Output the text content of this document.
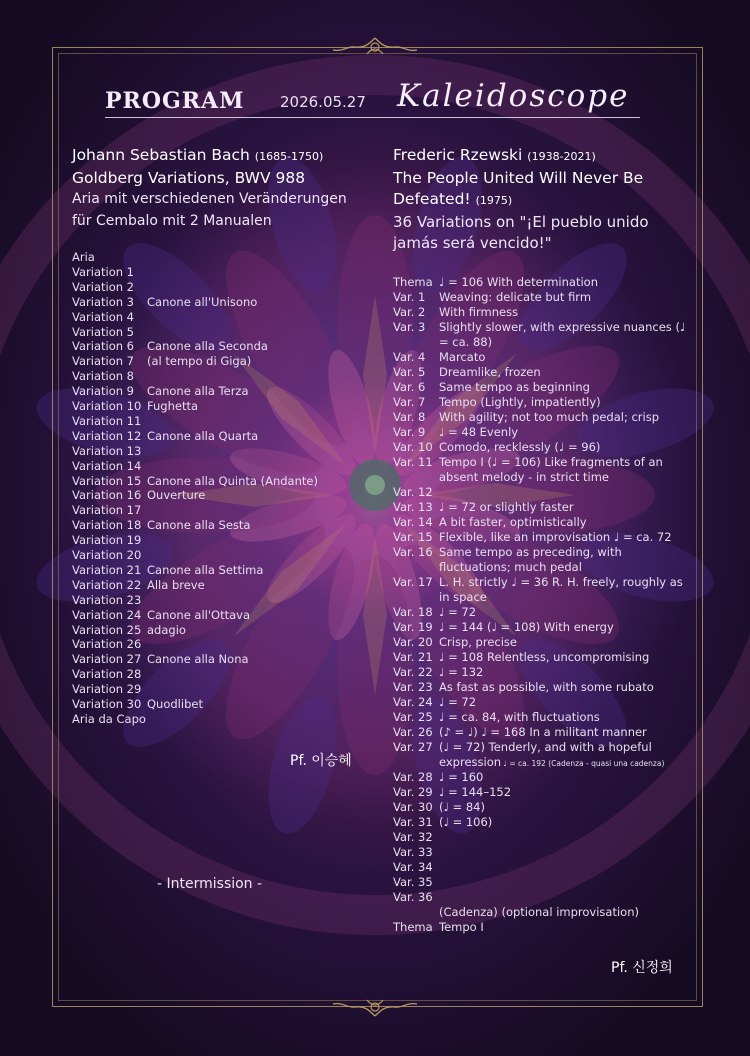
PROGRAM 2026.05.27 Kaleidoscope
Johann Sebastian Bach (1685-1750)
Goldberg Variations, BWV 988
Aria mit verschiedenen Veränderungen
für Cembalo mit 2 Manualen
Aria
Variation 1
Variation 2
Variation 3 Canone all'Unisono
Variation 4
Variation 5
Variation 6 Canone alla Seconda
Variation 7 (al tempo di Giga)
Variation 8
Variation 9 Canone alla Terza
Variation 10 Fughetta
Variation 11
Variation 12 Canone alla Quarta
Variation 13
Variation 14
Variation 15 Canone alla Quinta (Andante)
Variation 16 Ouverture
Variation 17
Variation 18 Canone alla Sesta
Variation 19
Variation 20
Variation 21 Canone alla Settima
Variation 22 Alla breve
Variation 23
Variation 24 Canone all'Ottava
Variation 25 adagio
Variation 26
Variation 27 Canone alla Nona
Variation 28
Variation 29
Variation 30 Quodlibet
Aria da Capo
Pf. 이승혜
- Intermission -
Frederic Rzewski (1938-2021)
The People United Will Never Be
Defeated! (1975)
36 Variations on "¡El pueblo unido
jamás será vencido!"
Thema ♩ = 106 With determination
Var. 1 Weaving: delicate but firm
Var. 2 With firmness
Var. 3 Slightly slower, with expressive nuances (♩ = ca. 88)
Var. 4 Marcato
Var. 5 Dreamlike, frozen
Var. 6 Same tempo as beginning
Var. 7 Tempo (Lightly, impatiently)
Var. 8 With agility; not too much pedal; crisp
Var. 9 ♩ = 48 Evenly
Var. 10 Comodo, recklessly (♩ = 96)
Var. 11 Tempo I (♩ = 106) Like fragments of an absent melody - in strict time
Var. 12
Var. 13 ♩ = 72 or slightly faster
Var. 14 A bit faster, optimistically
Var. 15 Flexible, like an improvisation ♩ = ca. 72
Var. 16 Same tempo as preceding, with fluctuations; much pedal
Var. 17 L. H. strictly ♩ = 36 R. H. freely, roughly as in space
Var. 18 ♩ = 72
Var. 19 ♩ = 144 (♩ = 108) With energy
Var. 20 Crisp, precise
Var. 21 ♩ = 108 Relentless, uncompromising
Var. 22 ♩ = 132
Var. 23 As fast as possible, with some rubato
Var. 24 ♩ = 72
Var. 25 ♩ = ca. 84, with fluctuations
Var. 26 (♪ = ♩) ♩ = 168 In a militant manner
Var. 27 (♩ = 72) Tenderly, and with a hopeful expression ♩ = ca. 192 (Cadenza - quasi una cadenza)
Var. 28 ♩ = 160
Var. 29 ♩ = 144–152
Var. 30 (♩ = 84)
Var. 31 (♩ = 106)
Var. 32
Var. 33
Var. 34
Var. 35
Var. 36
(Cadenza) (optional improvisation)
Thema Tempo I
Pf. 신정희
